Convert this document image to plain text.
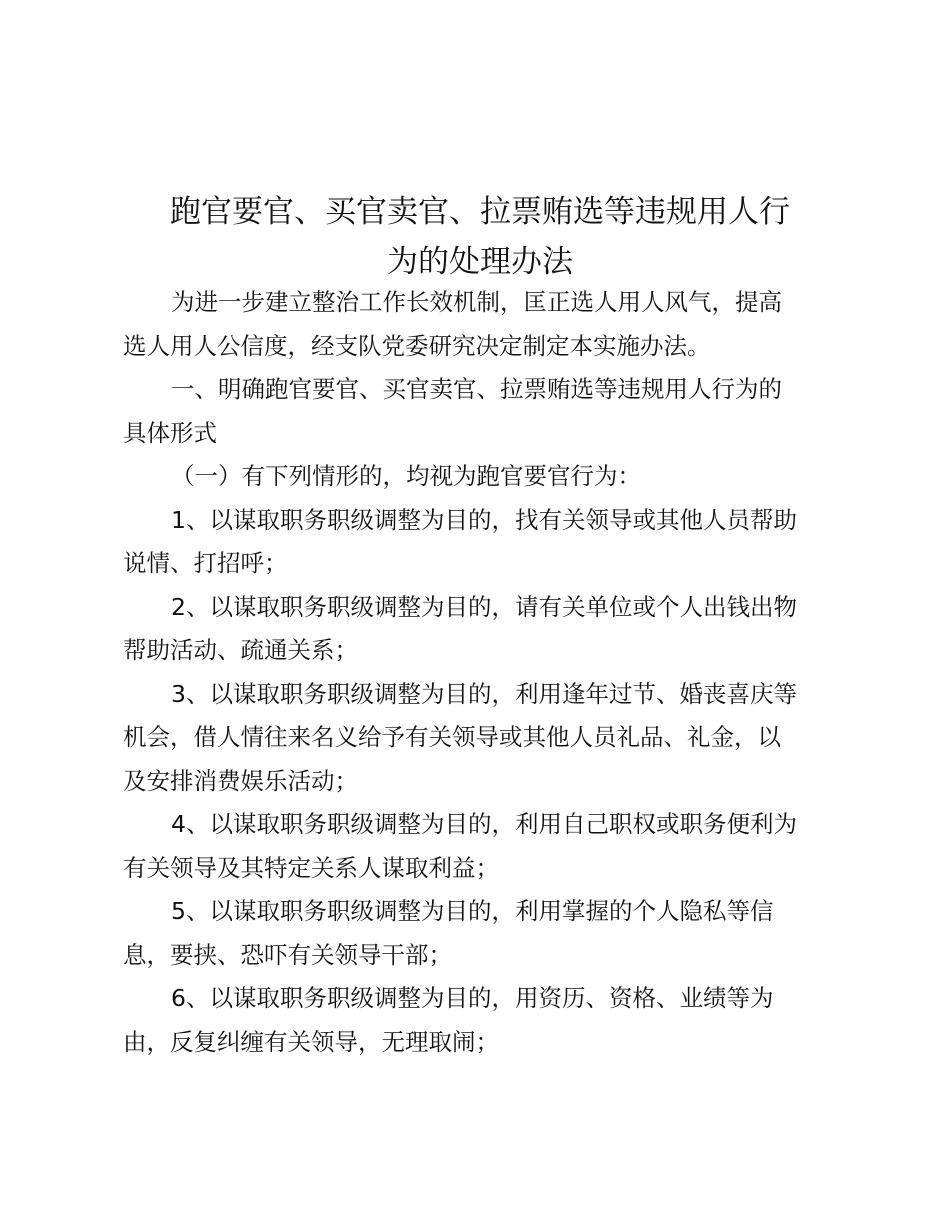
跑官要官、买官卖官、拉票贿选等违规用人行
为的处理办法
为进一步建立整治工作长效机制，匡正选人用人风气，提高
选人用人公信度，经支队党委研究决定制定本实施办法。
一、明确跑官要官、买官卖官、拉票贿选等违规用人行为的
具体形式
（一）有下列情形的，均视为跑官要官行为：
1、以谋取职务职级调整为目的，找有关领导或其他人员帮助
说情、打招呼；
2、以谋取职务职级调整为目的，请有关单位或个人出钱出物
帮助活动、疏通关系；
3、以谋取职务职级调整为目的，利用逢年过节、婚丧喜庆等
机会，借人情往来名义给予有关领导或其他人员礼品、礼金，以
及安排消费娱乐活动；
4、以谋取职务职级调整为目的，利用自己职权或职务便利为
有关领导及其特定关系人谋取利益；
5、以谋取职务职级调整为目的，利用掌握的个人隐私等信
息，要挟、恐吓有关领导干部；
6、以谋取职务职级调整为目的，用资历、资格、业绩等为
由，反复纠缠有关领导，无理取闹；
